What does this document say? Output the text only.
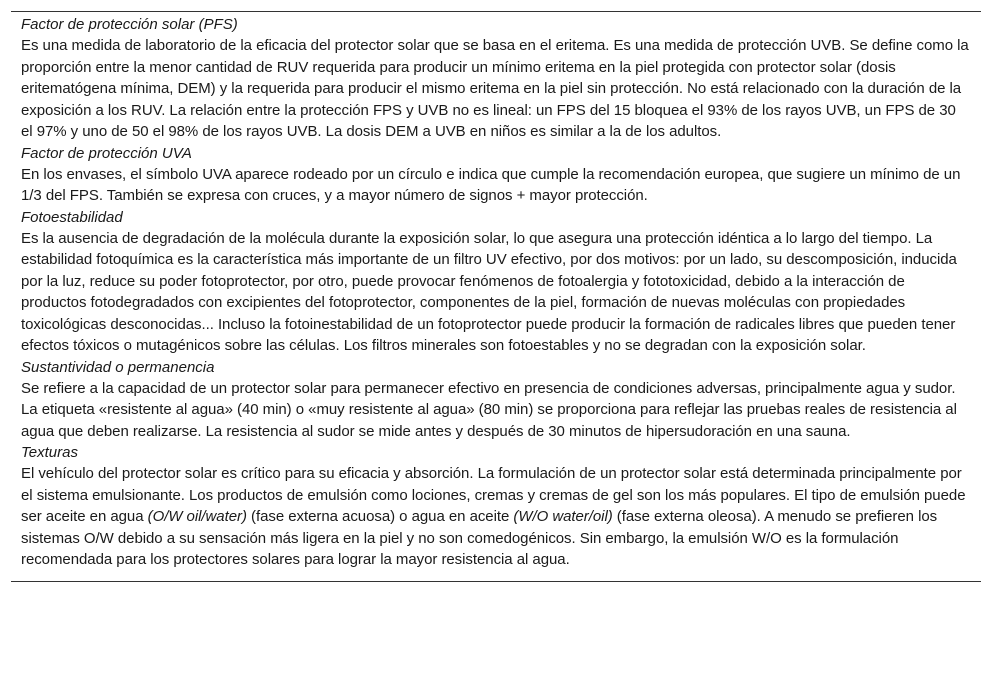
Factor de protección solar (PFS)
Es una medida de laboratorio de la eficacia del protector solar que se basa en el eritema. Es una medida de protección UVB. Se define como la proporción entre la menor cantidad de RUV requerida para producir un mínimo eritema en la piel protegida con protector solar (dosis eritematógena mínima, DEM) y la requerida para producir el mismo eritema en la piel sin protección. No está relacionado con la duración de la exposición a los RUV. La relación entre la protección FPS y UVB no es lineal: un FPS del 15 bloquea el 93% de los rayos UVB, un FPS de 30 el 97% y uno de 50 el 98% de los rayos UVB. La dosis DEM a UVB en niños es similar a la de los adultos.
Factor de protección UVA
En los envases, el símbolo UVA aparece rodeado por un círculo e indica que cumple la recomendación europea, que sugiere un mínimo de un 1/3 del FPS. También se expresa con cruces, y a mayor número de signos + mayor protección.
Fotoestabilidad
Es la ausencia de degradación de la molécula durante la exposición solar, lo que asegura una protección idéntica a lo largo del tiempo. La estabilidad fotoquímica es la característica más importante de un filtro UV efectivo, por dos motivos: por un lado, su descomposición, inducida por la luz, reduce su poder fotoprotector, por otro, puede provocar fenómenos de fotoalergia y fototoxicidad, debido a la interacción de productos fotodegradados con excipientes del fotoprotector, componentes de la piel, formación de nuevas moléculas con propiedades toxicológicas desconocidas... Incluso la fotoinestabilidad de un fotoprotector puede producir la formación de radicales libres que pueden tener efectos tóxicos o mutagénicos sobre las células. Los filtros minerales son fotoestables y no se degradan con la exposición solar.
Sustantividad o permanencia
Se refiere a la capacidad de un protector solar para permanecer efectivo en presencia de condiciones adversas, principalmente agua y sudor. La etiqueta «resistente al agua» (40 min) o «muy resistente al agua» (80 min) se proporciona para reflejar las pruebas reales de resistencia al agua que deben realizarse. La resistencia al sudor se mide antes y después de 30 minutos de hipersudoración en una sauna.
Texturas
El vehículo del protector solar es crítico para su eficacia y absorción. La formulación de un protector solar está determinada principalmente por el sistema emulsionante. Los productos de emulsión como lociones, cremas y cremas de gel son los más populares. El tipo de emulsión puede ser aceite en agua (O/W oil/water) (fase externa acuosa) o agua en aceite (W/O water/oil) (fase externa oleosa). A menudo se prefieren los sistemas O/W debido a su sensación más ligera en la piel y no son comedogénicos. Sin embargo, la emulsión W/O es la formulación recomendada para los protectores solares para lograr la mayor resistencia al agua.
